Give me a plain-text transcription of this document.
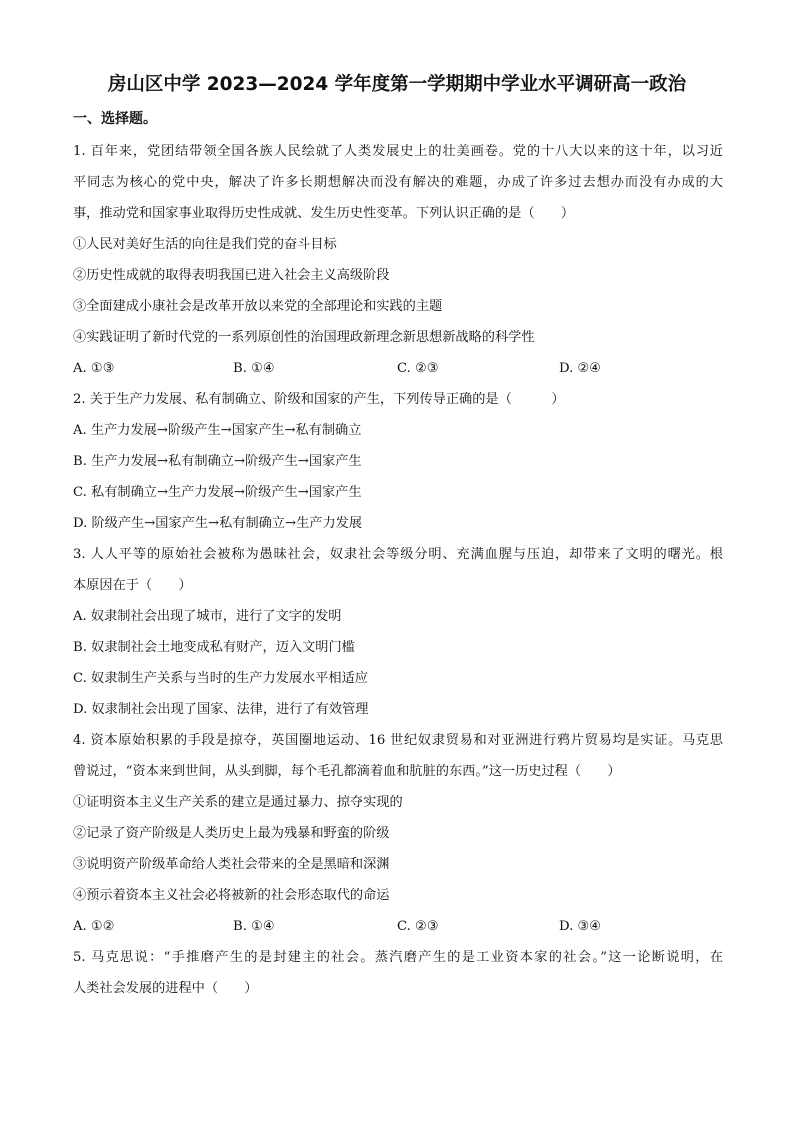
房山区中学 2023—2024 学年度第一学期期中学业水平调研高一政治
一、选择题。
1. 百年来，党团结带领全国各族人民绘就了人类发展史上的壮美画卷。党的十八大以来的这十年，以习近
平同志为核心的党中央，解决了许多长期想解决而没有解决的难题，办成了许多过去想办而没有办成的大
事，推动党和国家事业取得历史性成就、发生历史性变革。下列认识正确的是（　　）
①人民对美好生活的向往是我们党的奋斗目标
②历史性成就的取得表明我国已进入社会主义高级阶段
③全面建成小康社会是改革开放以来党的全部理论和实践的主题
④实践证明了新时代党的一系列原创性的治国理政新理念新思想新战略的科学性
A. ①③	B. ①④	C. ②③	D. ②④
2. 关于生产力发展、私有制确立、阶级和国家的产生，下列传导正确的是（　　　）
A. 生产力发展→阶级产生→国家产生→私有制确立
B. 生产力发展→私有制确立→阶级产生→国家产生
C. 私有制确立→生产力发展→阶级产生→国家产生
D. 阶级产生→国家产生→私有制确立→生产力发展
3. 人人平等的原始社会被称为愚昧社会，奴隶社会等级分明、充满血腥与压迫，却带来了文明的曙光。根
本原因在于（　　）
A. 奴隶制社会出现了城市，进行了文字的发明
B. 奴隶制社会土地变成私有财产，迈入文明门槛
C. 奴隶制生产关系与当时的生产力发展水平相适应
D. 奴隶制社会出现了国家、法律，进行了有效管理
4. 资本原始积累的手段是掠夺，英国圈地运动、16 世纪奴隶贸易和对亚洲进行鸦片贸易均是实证。马克思
曾说过，“资本来到世间，从头到脚，每个毛孔都滴着血和肮脏的东西。”这一历史过程（　　）
①证明资本主义生产关系的建立是通过暴力、掠夺实现的
②记录了资产阶级是人类历史上最为残暴和野蛮的阶级
③说明资产阶级革命给人类社会带来的全是黑暗和深渊
④预示着资本主义社会必将被新的社会形态取代的命运
A. ①②	B. ①④	C. ②③	D. ③④
5. 马克思说：“手推磨产生的是封建主的社会。蒸汽磨产生的是工业资本家的社会。”这一论断说明，在
人类社会发展的进程中（　　）
